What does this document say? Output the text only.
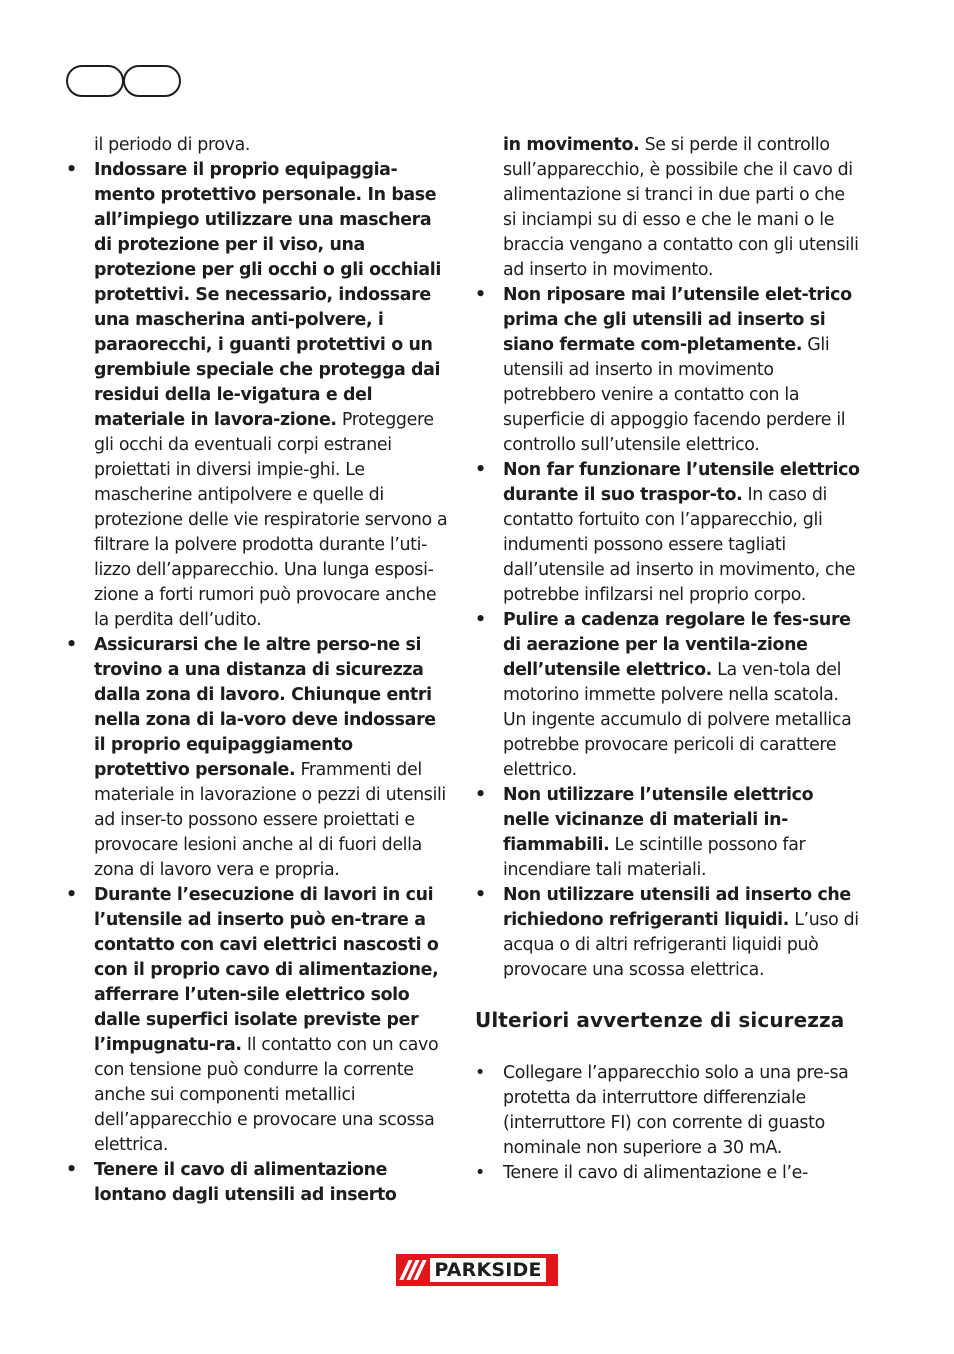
il periodo di prova.
• Indossare il proprio equipaggia-mento protettivo personale. In base all’impiego utilizzare una maschera di protezione per il viso, una protezione per gli occhi o gli occhiali protettivi. Se necessario, indossare una mascherina anti-polvere, i paraorecchi, i guanti protettivi o un grembiule speciale che protegga dai residui della le-vigatura e del materiale in lavora-zione. Proteggere gli occhi da eventuali corpi estranei proiettati in diversi impie-ghi. Le mascherine antipolvere e quelle di protezione delle vie respiratorie servono a filtrare la polvere prodotta durante l’uti-lizzo dell’apparecchio. Una lunga esposi-zione a forti rumori può provocare anche la perdita dell’udito.
• Assicurarsi che le altre perso-ne si trovino a una distanza di sicurezza dalla zona di lavoro. Chiunque entri nella zona di la-voro deve indossare il proprio equipaggiamento protettivo personale. Frammenti del materiale in lavorazione o pezzi di utensili ad inser-to possono essere proiettati e provocare lesioni anche al di fuori della zona di lavoro vera e propria.
• Durante l’esecuzione di lavori in cui l’utensile ad inserto può en-trare a contatto con cavi elettrici nascosti o con il proprio cavo di alimentazione, afferrare l’uten-sile elettrico solo dalle superfici isolate previste per l’impugnatu-ra. Il contatto con un cavo con tensione può condurre la corrente anche sui componenti metallici dell’apparecchio e provocare una scossa elettrica.
• Tenere il cavo di alimentazione lontano dagli utensili ad inserto
in movimento. Se si perde il controllo sull’apparecchio, è possibile che il cavo di alimentazione si tranci in due parti o che si inciampi su di esso e che le mani o le braccia vengano a contatto con gli utensili ad inserto in movimento.
• Non riposare mai l’utensile elet-trico prima che gli utensili ad inserto si siano fermate com-pletamente. Gli utensili ad inserto in movimento potrebbero venire a contatto con la superficie di appoggio facendo perdere il controllo sull’utensile elettrico.
• Non far funzionare l’utensile elettrico durante il suo traspor-to. In caso di contatto fortuito con l’apparecchio, gli indumenti possono essere tagliati dall’utensile ad inserto in movimento, che potrebbe infilzarsi nel proprio corpo.
• Pulire a cadenza regolare le fes-sure di aerazione per la ventila-zione dell’utensile elettrico. La ven-tola del motorino immette polvere nella scatola. Un ingente accumulo di polvere metallica potrebbe provocare pericoli di carattere elettrico.
• Non utilizzare l’utensile elettrico nelle vicinanze di materiali in-fiammabili. Le scintille possono far incendiare tali materiali.
• Non utilizzare utensili ad inserto che richiedono refrigeranti liquidi. L’uso di acqua o di altri refrigeranti liquidi può provocare una scossa elettrica.
Ulteriori avvertenze di sicurezza
• Collegare l’apparecchio solo a una pre-sa protetta da interruttore differenziale (interruttore FI) con corrente di guasto nominale non superiore a 30 mA.
• Tenere il cavo di alimentazione e l’e-
PARKSIDE
